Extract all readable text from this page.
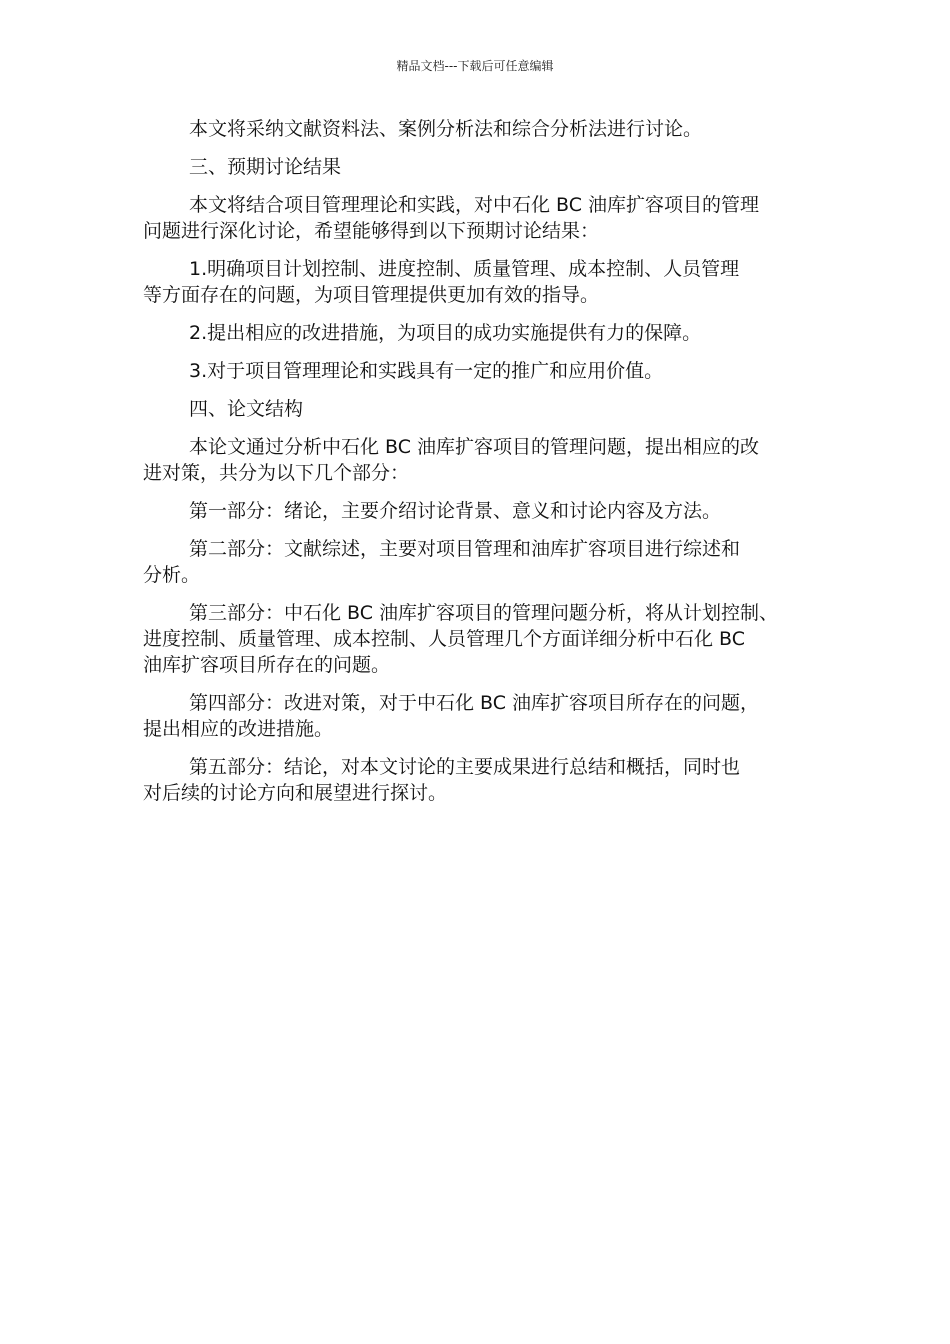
精品文档---下载后可任意编辑

本文将采纳文献资料法、案例分析法和综合分析法进行讨论。

三、预期讨论结果

本文将结合项目管理理论和实践，对中石化 BC 油库扩容项目的管理
问题进行深化讨论，希望能够得到以下预期讨论结果：

1.明确项目计划控制、进度控制、质量管理、成本控制、人员管理
等方面存在的问题，为项目管理提供更加有效的指导。

2.提出相应的改进措施，为项目的成功实施提供有力的保障。

3.对于项目管理理论和实践具有一定的推广和应用价值。

四、论文结构

本论文通过分析中石化 BC 油库扩容项目的管理问题，提出相应的改
进对策，共分为以下几个部分：

第一部分：绪论，主要介绍讨论背景、意义和讨论内容及方法。

第二部分：文献综述，主要对项目管理和油库扩容项目进行综述和
分析。

第三部分：中石化 BC 油库扩容项目的管理问题分析，将从计划控制、
进度控制、质量管理、成本控制、人员管理几个方面详细分析中石化 BC
油库扩容项目所存在的问题。

第四部分：改进对策，对于中石化 BC 油库扩容项目所存在的问题，
提出相应的改进措施。

第五部分：结论，对本文讨论的主要成果进行总结和概括，同时也
对后续的讨论方向和展望进行探讨。
